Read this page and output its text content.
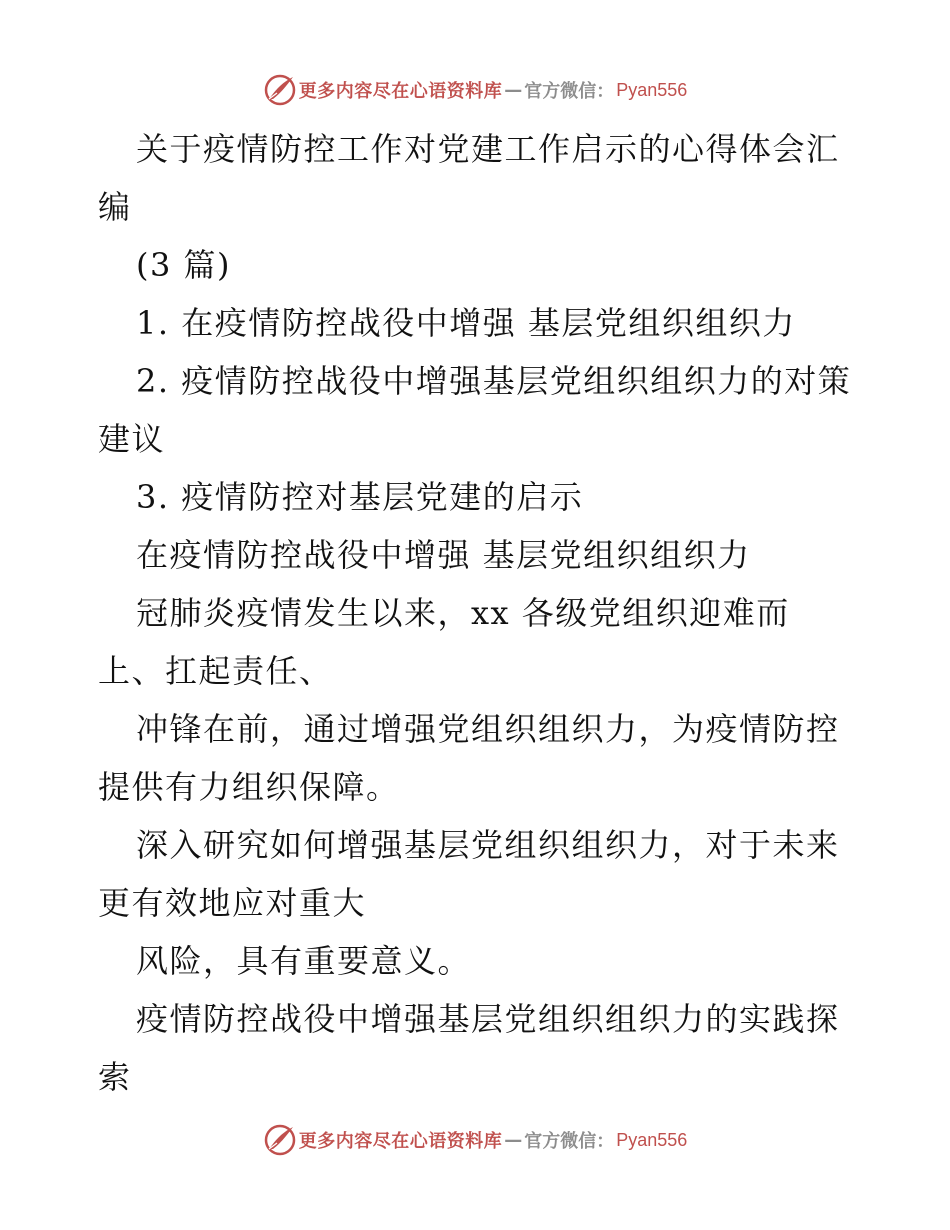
更多内容尽在心语资料库 — 官方微信： Pyan556
关于疫情防控工作对党建工作启示的心得体会汇
编
(3 篇)
1. 在疫情防控战役中增强 基层党组织组织力
2. 疫情防控战役中增强基层党组织组织力的对策
建议
3. 疫情防控对基层党建的启示
在疫情防控战役中增强 基层党组织组织力
冠肺炎疫情发生以来，xx 各级党组织迎难而
上、扛起责任、
冲锋在前，通过增强党组织组织力，为疫情防控
提供有力组织保障。
深入研究如何增强基层党组织组织力，对于未来
更有效地应对重大
风险，具有重要意义。
疫情防控战役中增强基层党组织组织力的实践探
索
更多内容尽在心语资料库 — 官方微信： Pyan556
